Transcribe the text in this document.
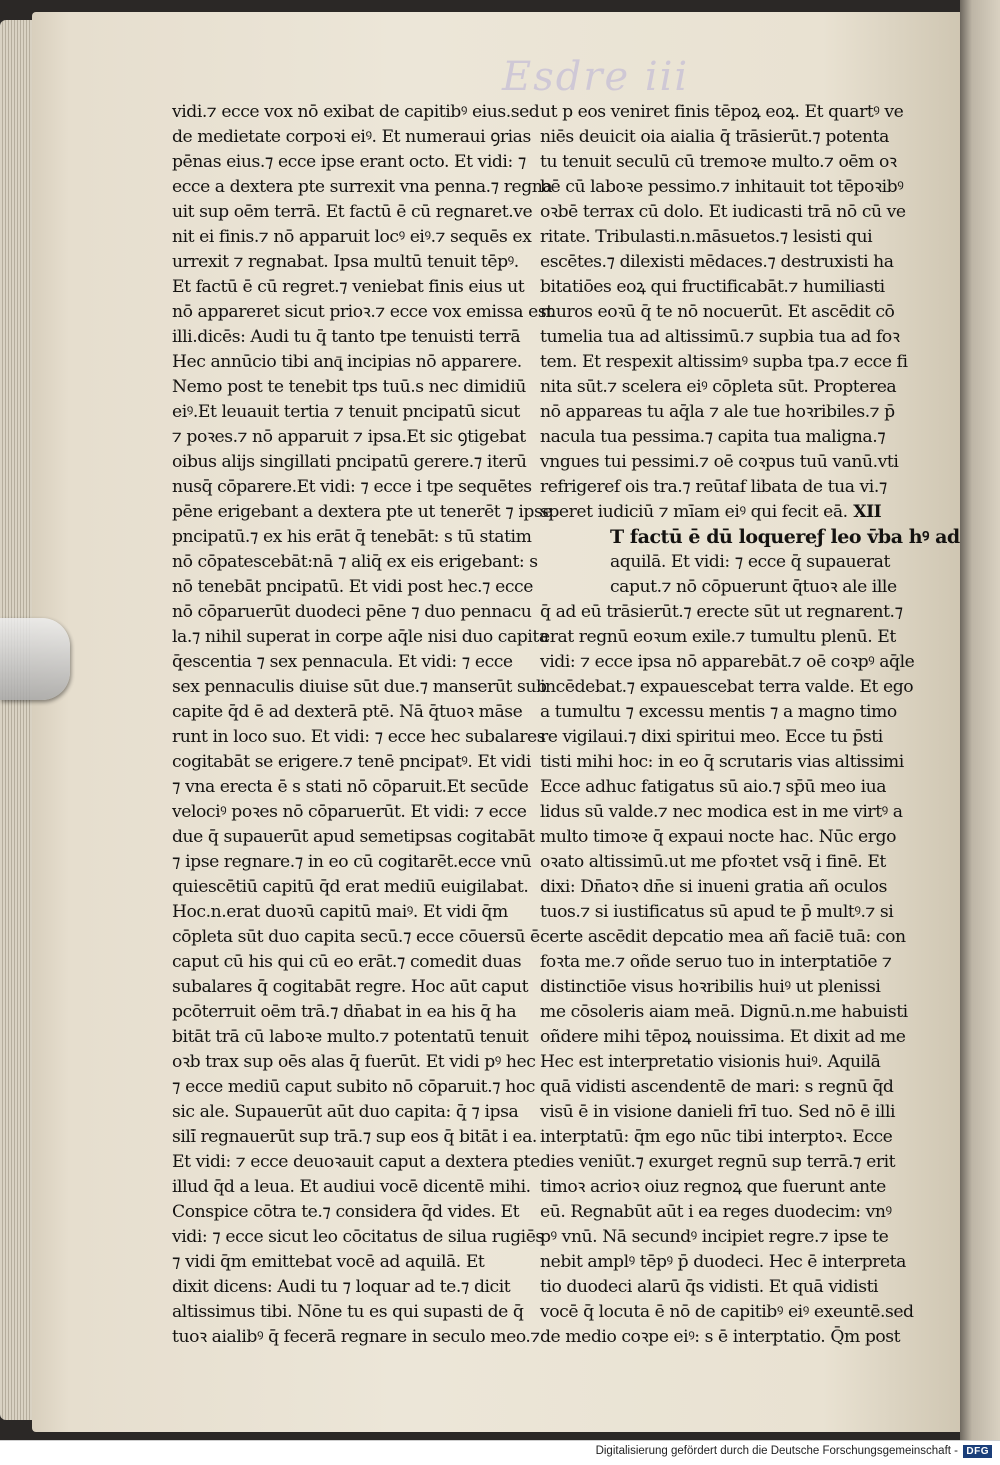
Esdre iii
vidi.⁊ ecce vox nō exibat de capitibꝰ eius.sed
de medietate corpoꝛi eiꝰ. Et numeraui ꝯrias
pēnas eius.⁊ ecce ipse erant octo. Et vidi: ⁊
ecce a dextera pte surrexit vna penna.⁊ regna
uit sup oēm terrā. Et factū ē cū regnaret.ve
nit ei finis.⁊ nō apparuit locꝰ eiꝰ.⁊ sequēs ex
urrexit ⁊ regnabat. Ipsa multū tenuit tēpꝰ.
Et factū ē cū regret.⁊ veniebat finis eius ut
nō appareret sicut prioꝛ.⁊ ecce vox emissa est
illi.dicēs: Audi tu q̄ tanto tpe tenuisti terrā
Hec annūcio tibi anq̄ͅ incipias nō apparere.
Nemo post te tenebit tps tuū.s nec dimidiū
eiꝰ.Et leuauit tertia ⁊ tenuit pncipatū sicut
⁊ poꝛes.⁊ nō apparuit ⁊ ipsa.Et sic ꝯtigebat
oibus alijs singillati pncipatū gerere.⁊ iterū
nusq̄ cōparere.Et vidi: ⁊ ecce i tpe sequētes
pēne erigebant a dextera pte ut tenerēt ⁊ ipse
pncipatū.⁊ ex his erāt q̄ tenebāt: s tū statim
nō cōpatescebāt:nā ⁊ aliq̄ ex eis erigebant: s
nō tenebāt pncipatū. Et vidi post hec.⁊ ecce
nō cōparuerūt duodeci pēne ⁊ duo pennacu
la.⁊ nihil superat in corpe aq̄le nisi duo capita
q̄escentia ⁊ sex pennacula. Et vidi: ⁊ ecce
sex pennaculis diuise sūt due.⁊ manserūt sub
capite q̄d ē ad dexterā ptē. Nā q̄tuoꝛ māse
runt in loco suo. Et vidi: ⁊ ecce hec subalares
cogitabāt se erigere.⁊ tenē pncipatꝰ. Et vidi
⁊ vna erecta ē s stati nō cōparuit.Et secūde
velociꝰ poꝛes nō cōparuerūt. Et vidi: ⁊ ecce
due q̄ supauerūt apud semetipsas cogitabāt
⁊ ipse regnare.⁊ in eo cū cogitarēt.ecce vnū
quiescētiū capitū q̄d erat mediū euigilabat.
Hoc.n.erat duoꝛū capitū maiꝰ. Et vidi q̄m
cōpleta sūt duo capita secū.⁊ ecce cōuersū ē
caput cū his qui cū eo erāt.⁊ comedit duas
subalares q̄ cogitabāt regre. Hoc aūt caput
pcōterruit oēm trā.⁊ dn̄abat in ea his q̄ ha
bitāt trā cū laboꝛe multo.⁊ potentatū tenuit
oꝛb trax sup oēs alas q̄ fuerūt. Et vidi pꝰ hec
⁊ ecce mediū caput subito nō cōparuit.⁊ hoc
sic ale. Supauerūt aūt duo capita: q̄ ⁊ ipsa
sili̇̄ regnauerūt sup trā.⁊ sup eos q̄ bitāt i ea.
Et vidi: ⁊ ecce deuoꝛauit caput a dextera pte
illud q̄d a leua. Et audiui vocē dicentē mihi.
Conspice cōtra te.⁊ considera q̄d vides. Et
vidi: ⁊ ecce sicut leo cōcitatus de silua rugiēs
⁊ vidi q̄m emittebat vocē ad aquilā. Et
dixit dicens: Audi tu ⁊ loquar ad te.⁊ dicit
altissimus tibi. Nōne tu es qui supasti de q̄
tuoꝛ aialibꝰ q̄ fecerā regnare in seculo meo.⁊
ut p eos veniret finis tēpoꝝ eoꝝ. Et quartꝰ ve
niēs deuicit oia aialia q̄ trāsierūt.⁊ potenta
tu tenuit seculū cū tremoꝛe multo.⁊ oēm oꝛ
bē cū laboꝛe pessimo.⁊ inhitauit tot tēpoꝛibꝰ
oꝛbē terrax cū dolo. Et iudicasti trā nō cū ve
ritate. Tribulasti.n.māsuetos.⁊ lesisti qui
escētes.⁊ dilexisti mēdaces.⁊ destruxisti ha
bitatiōes eoꝝ qui fructificabāt.⁊ humiliasti
muros eoꝛū q̄ te nō nocuerūt. Et ascēdit cō
tumelia tua ad altissimū.⁊ supbia tua ad foꝛ
tem. Et respexit altissimꝰ supba tpa.⁊ ecce fi
nita sūt.⁊ scelera eiꝰ cōpleta sūt. Propterea
nō appareas tu aq̄la ⁊ ale tue hoꝛribiles.⁊ p̄
nacula tua pessima.⁊ capita tua maligna.⁊
vngues tui pessimi.⁊ oē coꝛpus tuū vanū.vti
refrigeref ois tra.⁊ reūtaf libata de tua vi.⁊
speret iudiciū ⁊ mīam eiꝰ qui fecit eā. XII
T factū ē dū loquereƒ leo v̄ba hꝰ ad
aquilā. Et vidi: ⁊ ecce q̄ supauerat
caput.⁊ nō cōpuerunt q̄tuoꝛ ale ille
q̄ ad eū trāsierūt.⁊ erecte sūt ut regnarent.⁊
erat regnū eoꝛum exile.⁊ tumultu plenū. Et
vidi: ⁊ ecce ipsa nō apparebāt.⁊ oē coꝛpꝰ aq̄le
incēdebat.⁊ expauescebat terra valde. Et ego
a tumultu ⁊ excessu mentis ⁊ a magno timo
re vigilaui.⁊ dixi spiritui meo. Ecce tu p̄sti
tisti mihi hoc: in eo q̄ scrutaris vias altissimi
Ecce adhuc fatigatus sū aio.⁊ sp̄ū meo iua
lidus sū valde.⁊ nec modica est in me virtꝰ a
multo timoꝛe q̄ expaui nocte hac. Nūc ergo
oꝛato altissimū.ut me pfoꝛtet vsq̄ i finē. Et
dixi: Dn̄atoꝛ dn̄e si inueni gratia añ oculos
tuos.⁊ si iustificatus sū apud te p̄ multꝰ.⁊ si
certe ascēdit depcatio mea añ faciē tuā: con
foꝛta me.⁊ oñde seruo tuo in interptatiōe ⁊
distinctiōe visus hoꝛribilis huiꝰ ut plenissi
me cōsoleris aiam meā. Dignū.n.me habuisti
oñdere mihi tēpoꝝ nouissima. Et dixit ad me
Hec est interpretatio visionis huiꝰ. Aquilā
quā vidisti ascendentē de mari: s regnū q̄d
visū ē in visione danieli frī tuo. Sed nō ē illi
interptatū: q̄m ego nūc tibi interptoꝛ. Ecce
dies veniūt.⁊ exurget regnū sup terrā.⁊ erit
timoꝛ acrioꝛ oiuz regnoꝝ que fuerunt ante
eū. Regnabūt aūt i ea reges duodecim: vnꝰ
pꝰ vnū. Nā secundꝰ incipiet regre.⁊ ipse te
nebit amplꝰ tēpꝰ p̄ duodeci. Hec ē interpreta
tio duodeci alarū q̄s vidisti. Et quā vidisti
vocē q̄ locuta ē nō de capitibꝰ eiꝰ exeuntē.sed
de medio coꝛpe eiꝰ: s ē interptatio. Q̄m post
Digitalisierung gefördert durch die Deutsche Forschungsgemeinschaft - DFG
